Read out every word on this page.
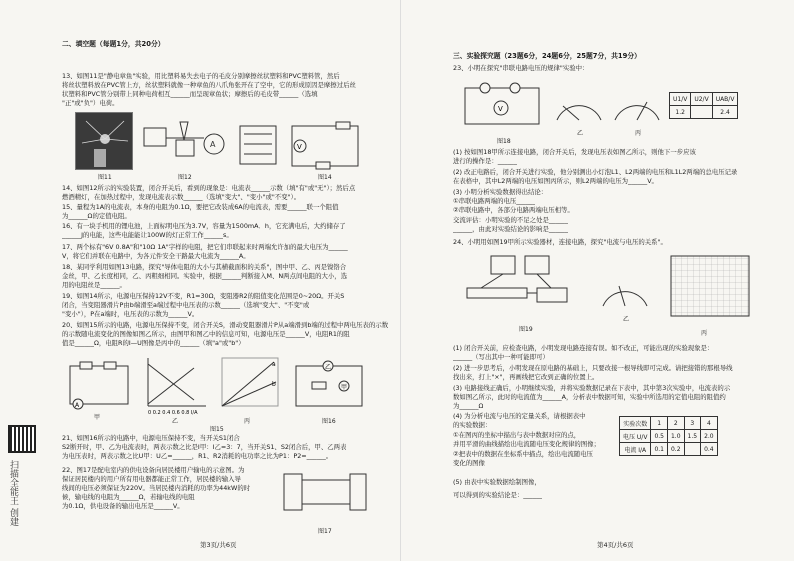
二、填空题（每题1分，共20分）
13、如图11是"静电章鱼"实验，用比塑料易失去电子的毛皮分别摩擦丝状塑料和PVC塑料管，然后
将丝状塑料放在PVC管上方，丝状塑料就像一种章鱼的八爪角张开在了空中，它的形成原因是摩擦过后丝
状塑料和PVC管分别带上同种电荷相互______而呈现章鱼状；摩擦后的毛皮带______（选填
"正"或"负"）电荷。
图11
A
图12
V
图14
14、如图12所示的实验装置，闭合开关后，看到的现象是：电流表______示数（填"有"或"无"）；然后点
燃酒精灯，在加热过程中，发现电流表示数______（选填"变大"、"变小"或"不变"）。
15、量程为1A的电流表，本身的电阻为0.1Ω，要把它改装成6A的电流表，需要______联一个阻值
为______Ω的定值电阻。
16、有一块手机用的锂电池，上面标明电压为3.7V，容量为1500mA．h，它充满电后，大约储存了
______J的电能，这些电能能让100W的灯正常工作______s。
17、两个标有"6V 0.8A"和"10Ω 1A"字样的电阻，把它们串联起来时两端允许加的最大电压为______
V，将它们并联在电路中，为各元件安全干路最大电流为______A。
18、某同学利用如图13电路，探究"导体电阻的大小与其横截面积的关系"，图中甲、乙、丙是镍铬合
金丝，甲、乙长度相同，乙、丙粗细相同。实验中，根据______判断接入M、N两点间电阻的大小，选
用的电阻丝是______。
19、如图14所示，电源电压保持12V不变，R1=30Ω，变阻器R2的阻值变化范围是0~20Ω。开关S
闭合，当变阻器滑片P由b端滑至a端过程中电压表的示数______（选填"变大"、"不变"或
"变小"），P在a端时，电压表的示数为______V。
20、如图15所示的电路，电源电压保持不变，闭合开关S，滑动变阻器滑片P从a端滑到b端的过程中两电压表的示数
的示数随电流变化的图像如图乙所示，由图甲和图乙中的信息可知，电源电压是______V，电阻R1的阻
值是______Ω，电阻R的I—U图像是丙中的______（填"a"或"b"）
A
甲
0 0.2 0.4 0.6 0.8 I/A
乙
图15
a
b
丙
乙
甲
图16
21、如图16所示的电路中，电源电压保持不变，当开关S1闭合
S2断开时，甲、乙为电流表时，两表示数之比是I甲：I乙=3：7，当开关S1、S2闭合后，甲、乙两表
为电压表时，两表示数之比U甲：U乙=______，R1、R2消耗的电功率之比为P1：P2=______。
22、图17是配电室内的供电设备向居民楼用户输电的示意图。为
保证居民楼内的用户所有用电器都能正常工作，居民楼的输入导
线间的电压必须保证为220V。当居民楼内消耗的功率为44kW的时
候，输电线的电阻为______Ω，若输电线的电阻
为0.1Ω，供电设备的输出电压是______V。
图17
第3页/共6页
扫描全能王 创建
三、实验探究题（23题6分，24题6分，25题7分，共19分）
23、小明在探究"串联电路电压的规律"实验中：
V
图18
乙	丙
U1/V	U2/V	UAB/V
1.2		2.4
(1) 按如图18甲所示连接电路，闭合开关后，发现电压表如图乙所示，则他下一步应该
进行的操作是：______
(2) 改正电路后，闭合开关进行实验，他分别测出小灯泡L1、L2两端的电压和L1L2两端的总电压记录
在表格中，其中L2两端的电压如图丙所示，则L2两端的电压为______V。
(3) 小明分析实验数据得出结论：
①串联电路两端的电压______
②串联电路中，各部分电路两端电压相等。
交流评估：小明实验的不足之处是______
______，由此对实验结论的影响是______
24、小明用如图19甲所示实验器材，连接电路，探究"电流与电压的关系"。
图19
乙
丙
(1) 闭合开关前，应检查电路，小明发现电路连接有误。如不改正，可能出现的实验现象是：
______（写出其中一种可能即可）
(2) 进一步思考后，小明发现在原电路的基础上，只要改接一根导线即可完成。请把接错的那根导线
找出来，打上"×"，再画线把它改到正确的位置上。
(3) 电路接线正确后，小明继续实验，并将实验数据记录在下表中，其中第3次实验中，电流表的示
数如图乙所示，此时的电流值为______A，分析表中数据可知，实验中所选用的定值电阻的阻值约
为______Ω
(4) 为分析电流与电压的定量关系，请根据表中
的实验数据：
①在图丙的坐标中描出与表中数据对应的点，
并用平滑的曲线描绘出电流随电压变化规律的图像；
②把表中的数据在坐标系中描点，绘出电流随电压
变化的图像
(5) 由表中实验数据绘制图像，
可以得到的实验结论是：______
实验次数	1	2	3	4
电压 U/V	0.5	1.0	1.5	2.0
电流 I/A	0.1	0.2		0.4
第4页/共6页
